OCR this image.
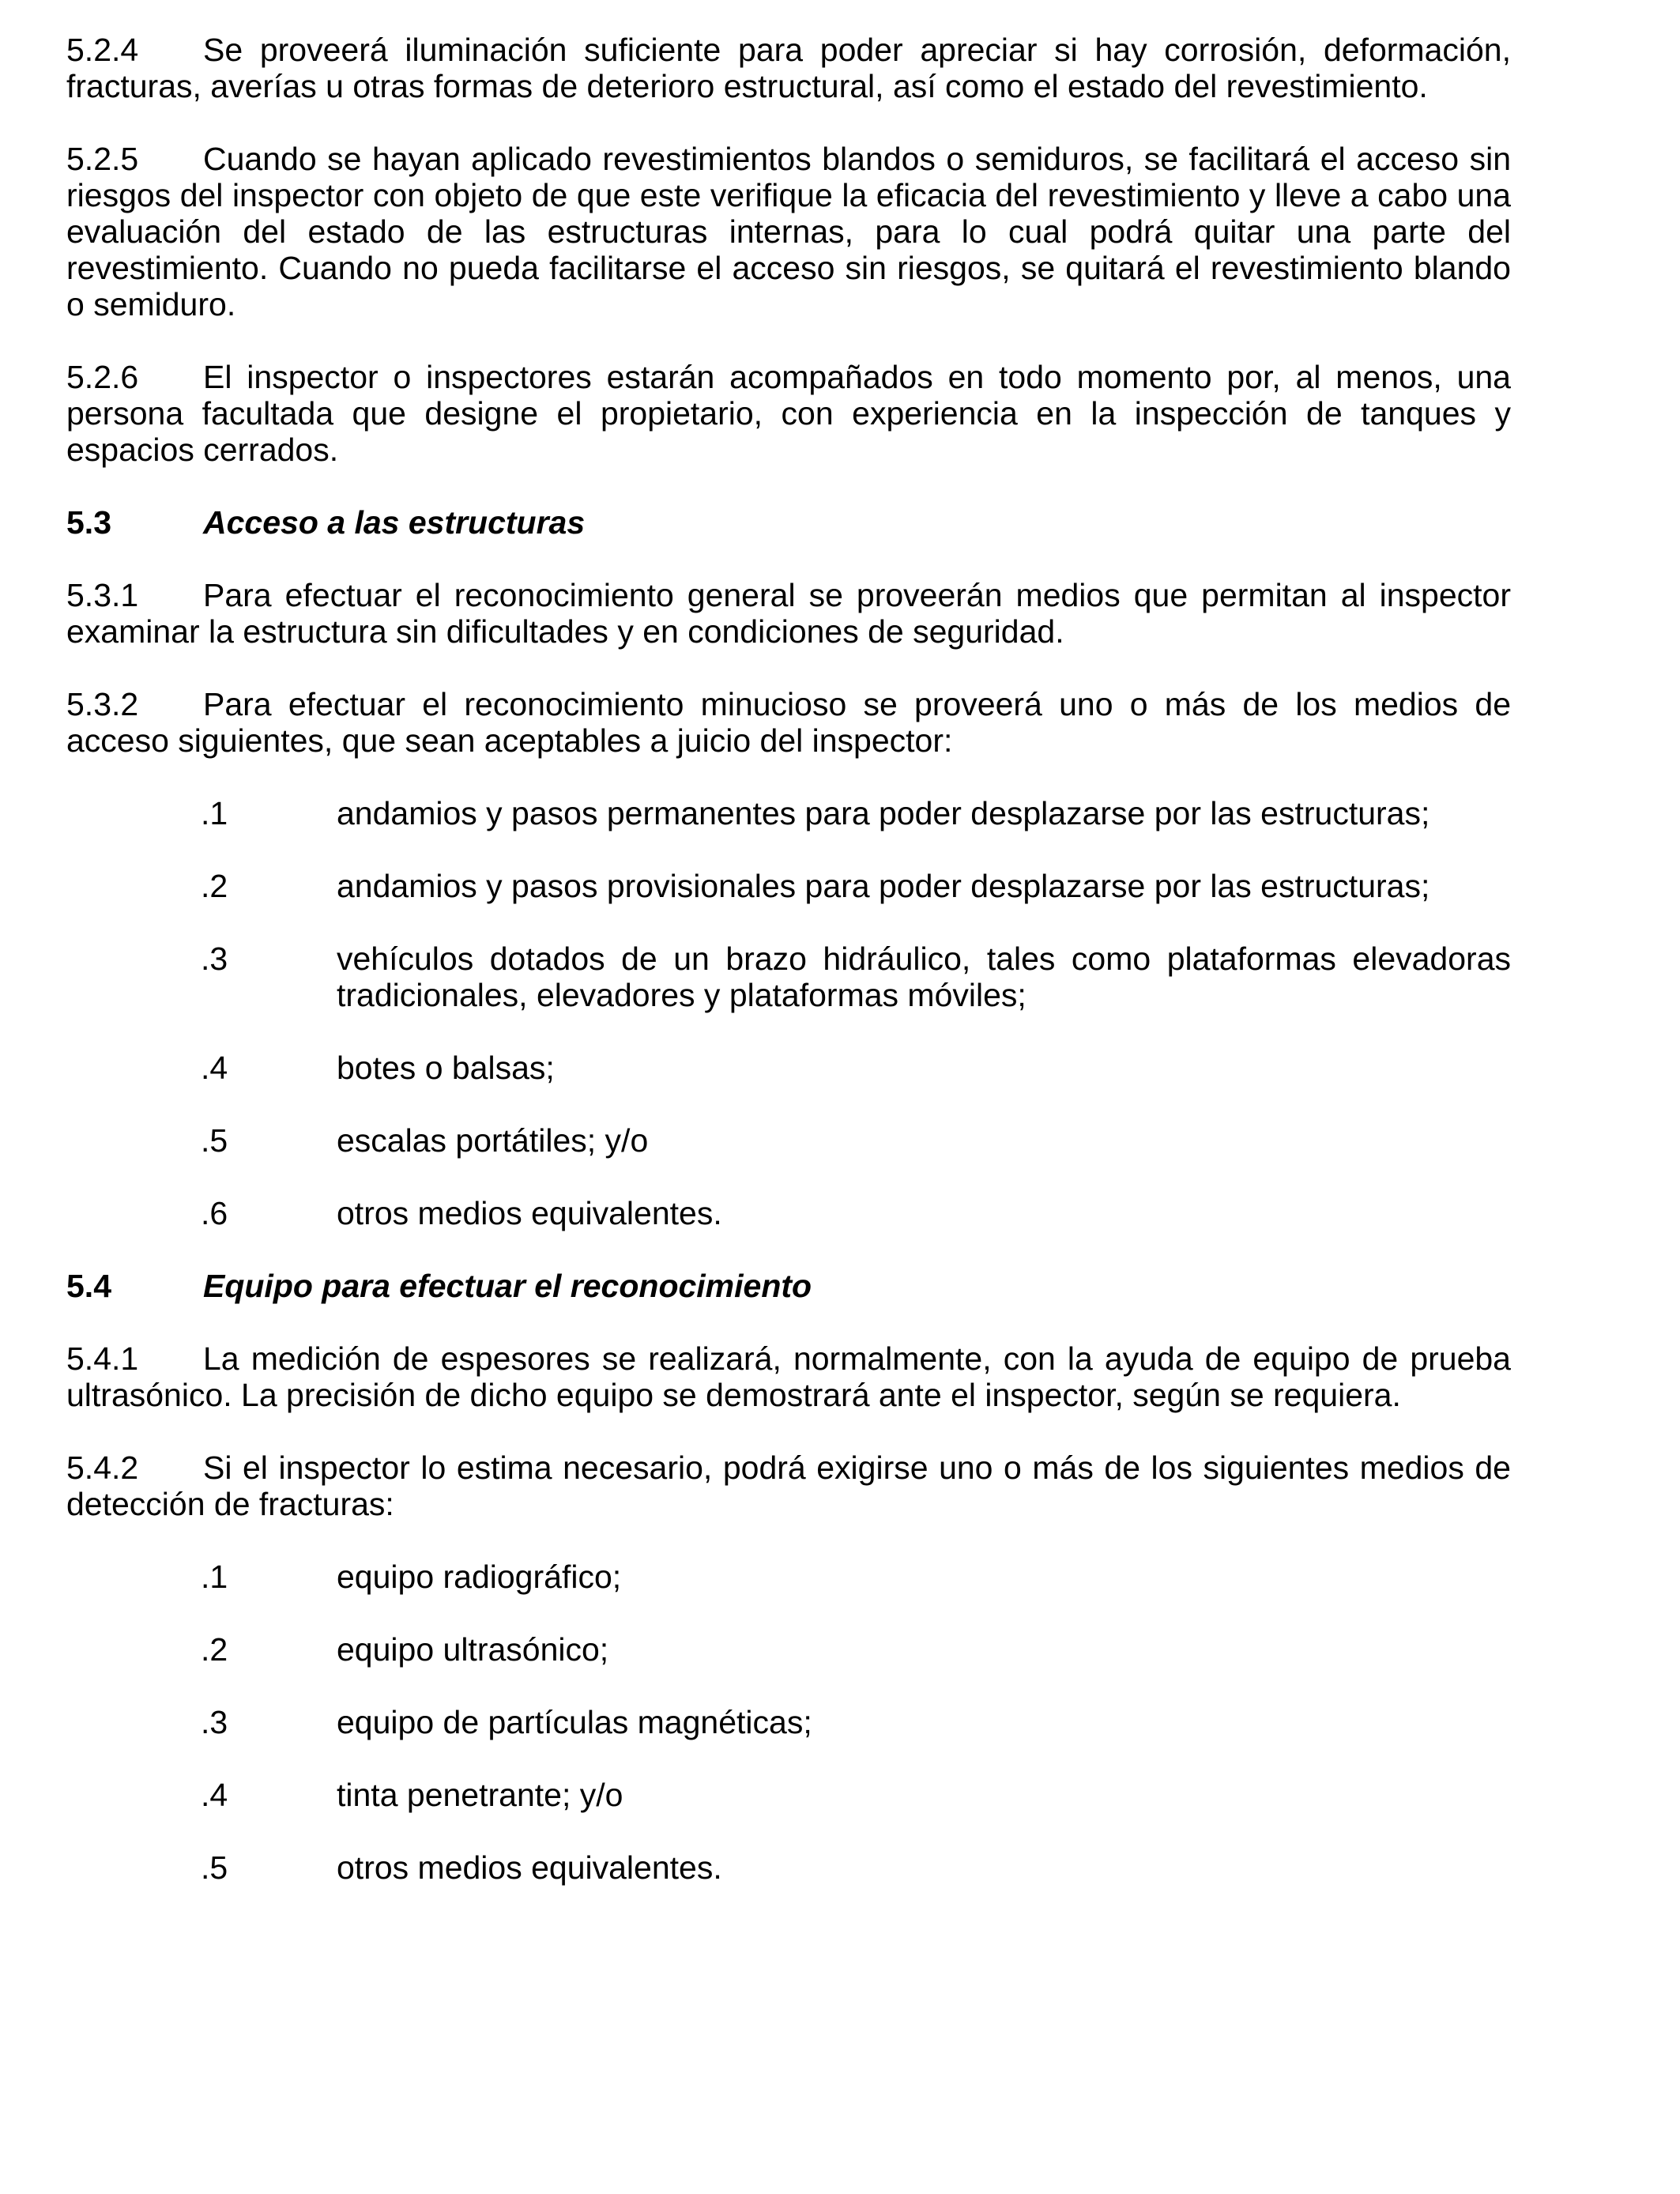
5.2.4 Se proveerá iluminación suficiente para poder apreciar si hay corrosión, deformación, fracturas, averías u otras formas de deterioro estructural, así como el estado del revestimiento.

5.2.5 Cuando se hayan aplicado revestimientos blandos o semiduros, se facilitará el acceso sin riesgos del inspector con objeto de que este verifique la eficacia del revestimiento y lleve a cabo una evaluación del estado de las estructuras internas, para lo cual podrá quitar una parte del revestimiento. Cuando no pueda facilitarse el acceso sin riesgos, se quitará el revestimiento blando o semiduro.

5.2.6 El inspector o inspectores estarán acompañados en todo momento por, al menos, una persona facultada que designe el propietario, con experiencia en la inspección de tanques y espacios cerrados.

5.3	Acceso a las estructuras

5.3.1 Para efectuar el reconocimiento general se proveerán medios que permitan al inspector examinar la estructura sin dificultades y en condiciones de seguridad.

5.3.2 Para efectuar el reconocimiento minucioso se proveerá uno o más de los medios de acceso siguientes, que sean aceptables a juicio del inspector:

.1	andamios y pasos permanentes para poder desplazarse por las estructuras;
.2	andamios y pasos provisionales para poder desplazarse por las estructuras;
.3	vehículos dotados de un brazo hidráulico, tales como plataformas elevadoras tradicionales, elevadores y plataformas móviles;
.4	botes o balsas;
.5	escalas portátiles; y/o
.6	otros medios equivalentes.

5.4	Equipo para efectuar el reconocimiento

5.4.1 La medición de espesores se realizará, normalmente, con la ayuda de equipo de prueba ultrasónico. La precisión de dicho equipo se demostrará ante el inspector, según se requiera.

5.4.2 Si el inspector lo estima necesario, podrá exigirse uno o más de los siguientes medios de detección de fracturas:

.1	equipo radiográfico;
.2	equipo ultrasónico;
.3	equipo de partículas magnéticas;
.4	tinta penetrante; y/o
.5	otros medios equivalentes.
